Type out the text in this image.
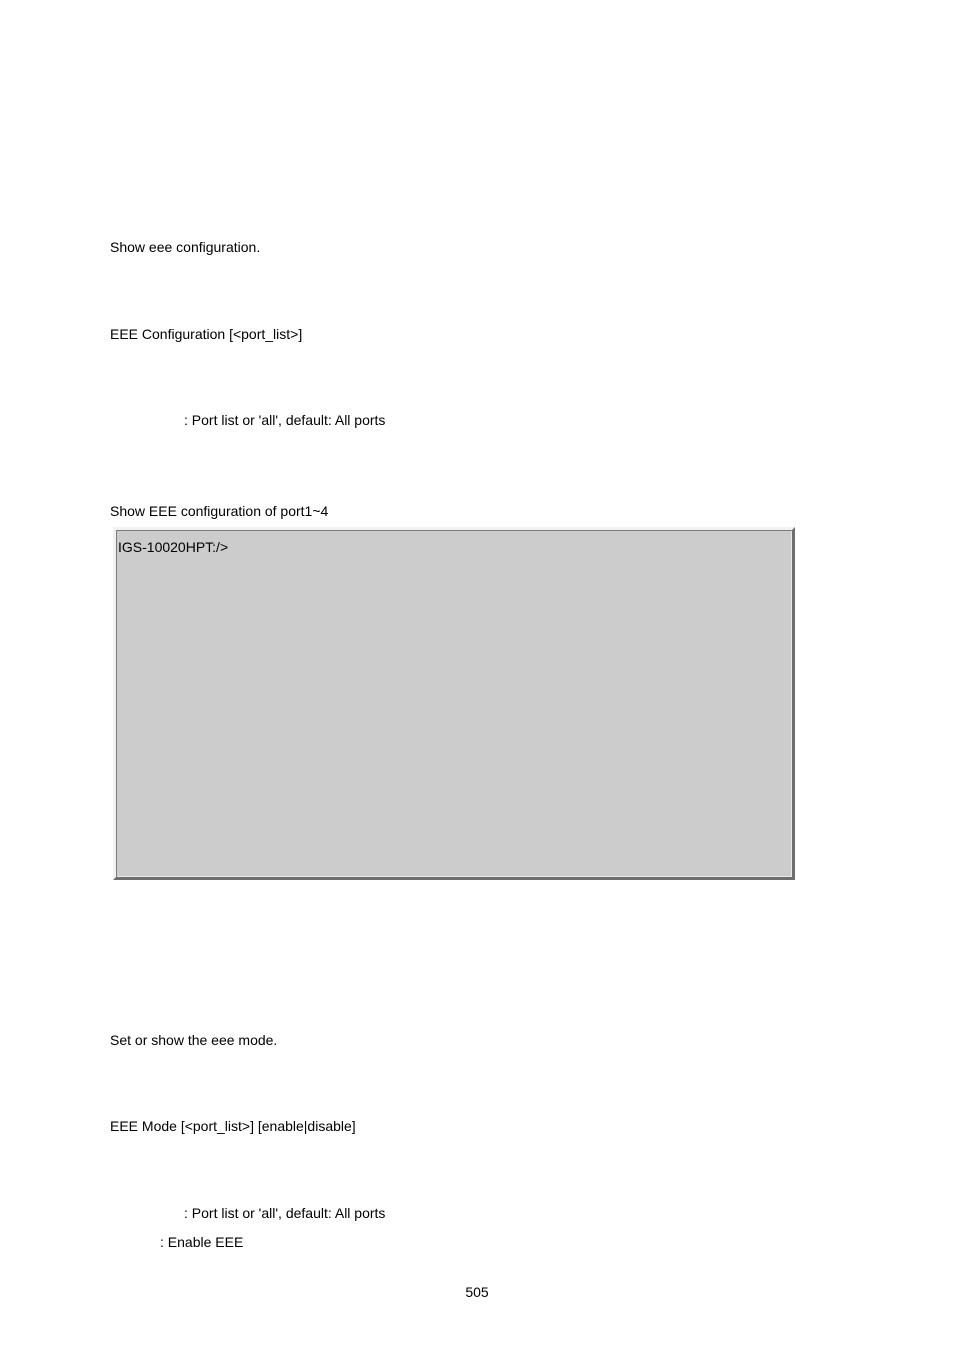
Show eee configuration.
EEE Configuration [<port_list>]
: Port list or 'all', default: All ports
Show EEE configuration of port1~4
IGS-10020HPT:/>
Set or show the eee mode.
EEE Mode [<port_list>] [enable|disable]
: Port list or 'all', default: All ports
: Enable EEE
505
